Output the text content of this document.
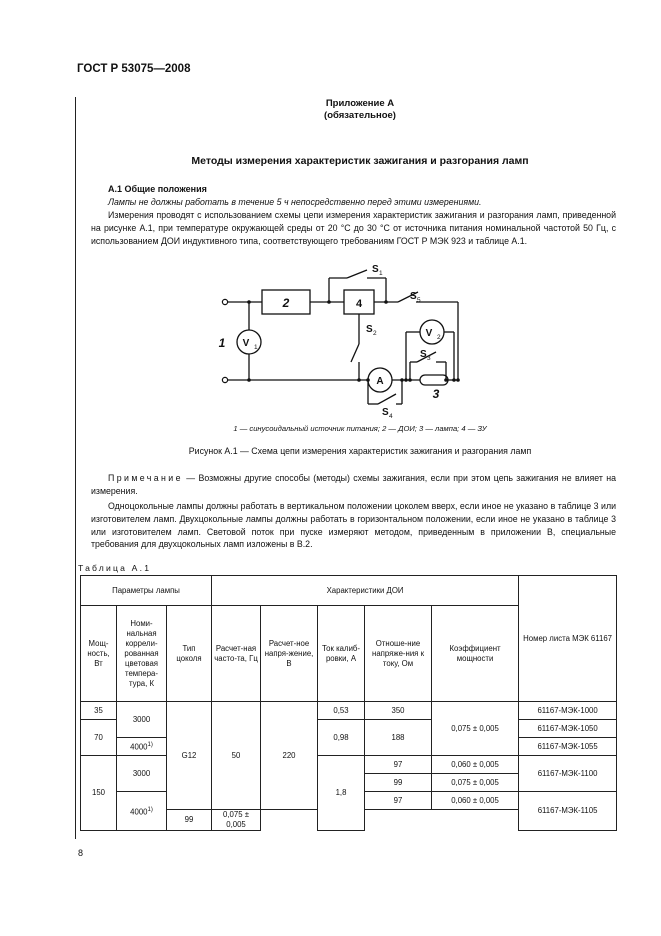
ГОСТ Р 53075—2008
Приложение А
(обязательное)
Методы измерения характеристик зажигания и разгорания ламп
А.1 Общие положения
Лампы не должны работать в течение 5 ч непосредственно перед этими измерениями.
Измерения проводят с использованием схемы цепи измерения характеристик зажигания и разгорания ламп, приведенной на рисунке А.1, при температуре окружающей среды от 20 °С до 30 °С от источника питания номинальной частотой 50 Гц, с использованием ДОИ индуктивного типа, соответствующего требованиям ГОСТ Р МЭК 923 и таблице А.1.
2	4
1
3
V 1
V 2
A
S 1
S 2
S 3
S 4
S 5
1 — синусоидальный источник питания; 2 — ДОИ; 3 — лампа; 4 — ЗУ
Рисунок А.1 — Схема цепи измерения характеристик зажигания и разгорания ламп
Примечание — Возможны другие способы (методы) схемы зажигания, если при этом цепь зажигания не влияет на измерения.
Одноцокольные лампы должны работать в вертикальном положении цоколем вверх, если иное не указано в таблице 3 или изготовителем ламп. Двухцокольные лампы должны работать в горизонтальном положении, если иное не указано в таблице 3 или изготовителем ламп. Световой поток при пуске измеряют методом, приведенным в приложении В, специальные требования для двухцокольных ламп изложены в В.2.
Таблица А.1
Параметры лампы			Характеристики ДОИ					Номер листа МЭК 61167
Мощ-ность, Вт	Номи-нальная коррели-рованная цветовая темпера-тура, К	Тип цоколя	Расчет-ная часто-та, Гц	Расчет-ное напря-жение, В	Ток калиб-ровки, А	Отноше-ние напряже-ния к току, Ом	Коэффициент мощности	
35	3000	G12	50	220	0,53	350	0,075 ± 0,005	61167-МЭК-1000
70					0,98	188		61167-МЭК-1050
	4000$^{1)}$							61167-МЭК-1055
150	3000				1,8	97	0,060 ± 0,005	61167-МЭК-1100
						99	0,075 ± 0,005	
	4000$^{1)}$					97	0,060 ± 0,005	61167-МЭК-1105
		99	0,075 ± 0,005					
8
